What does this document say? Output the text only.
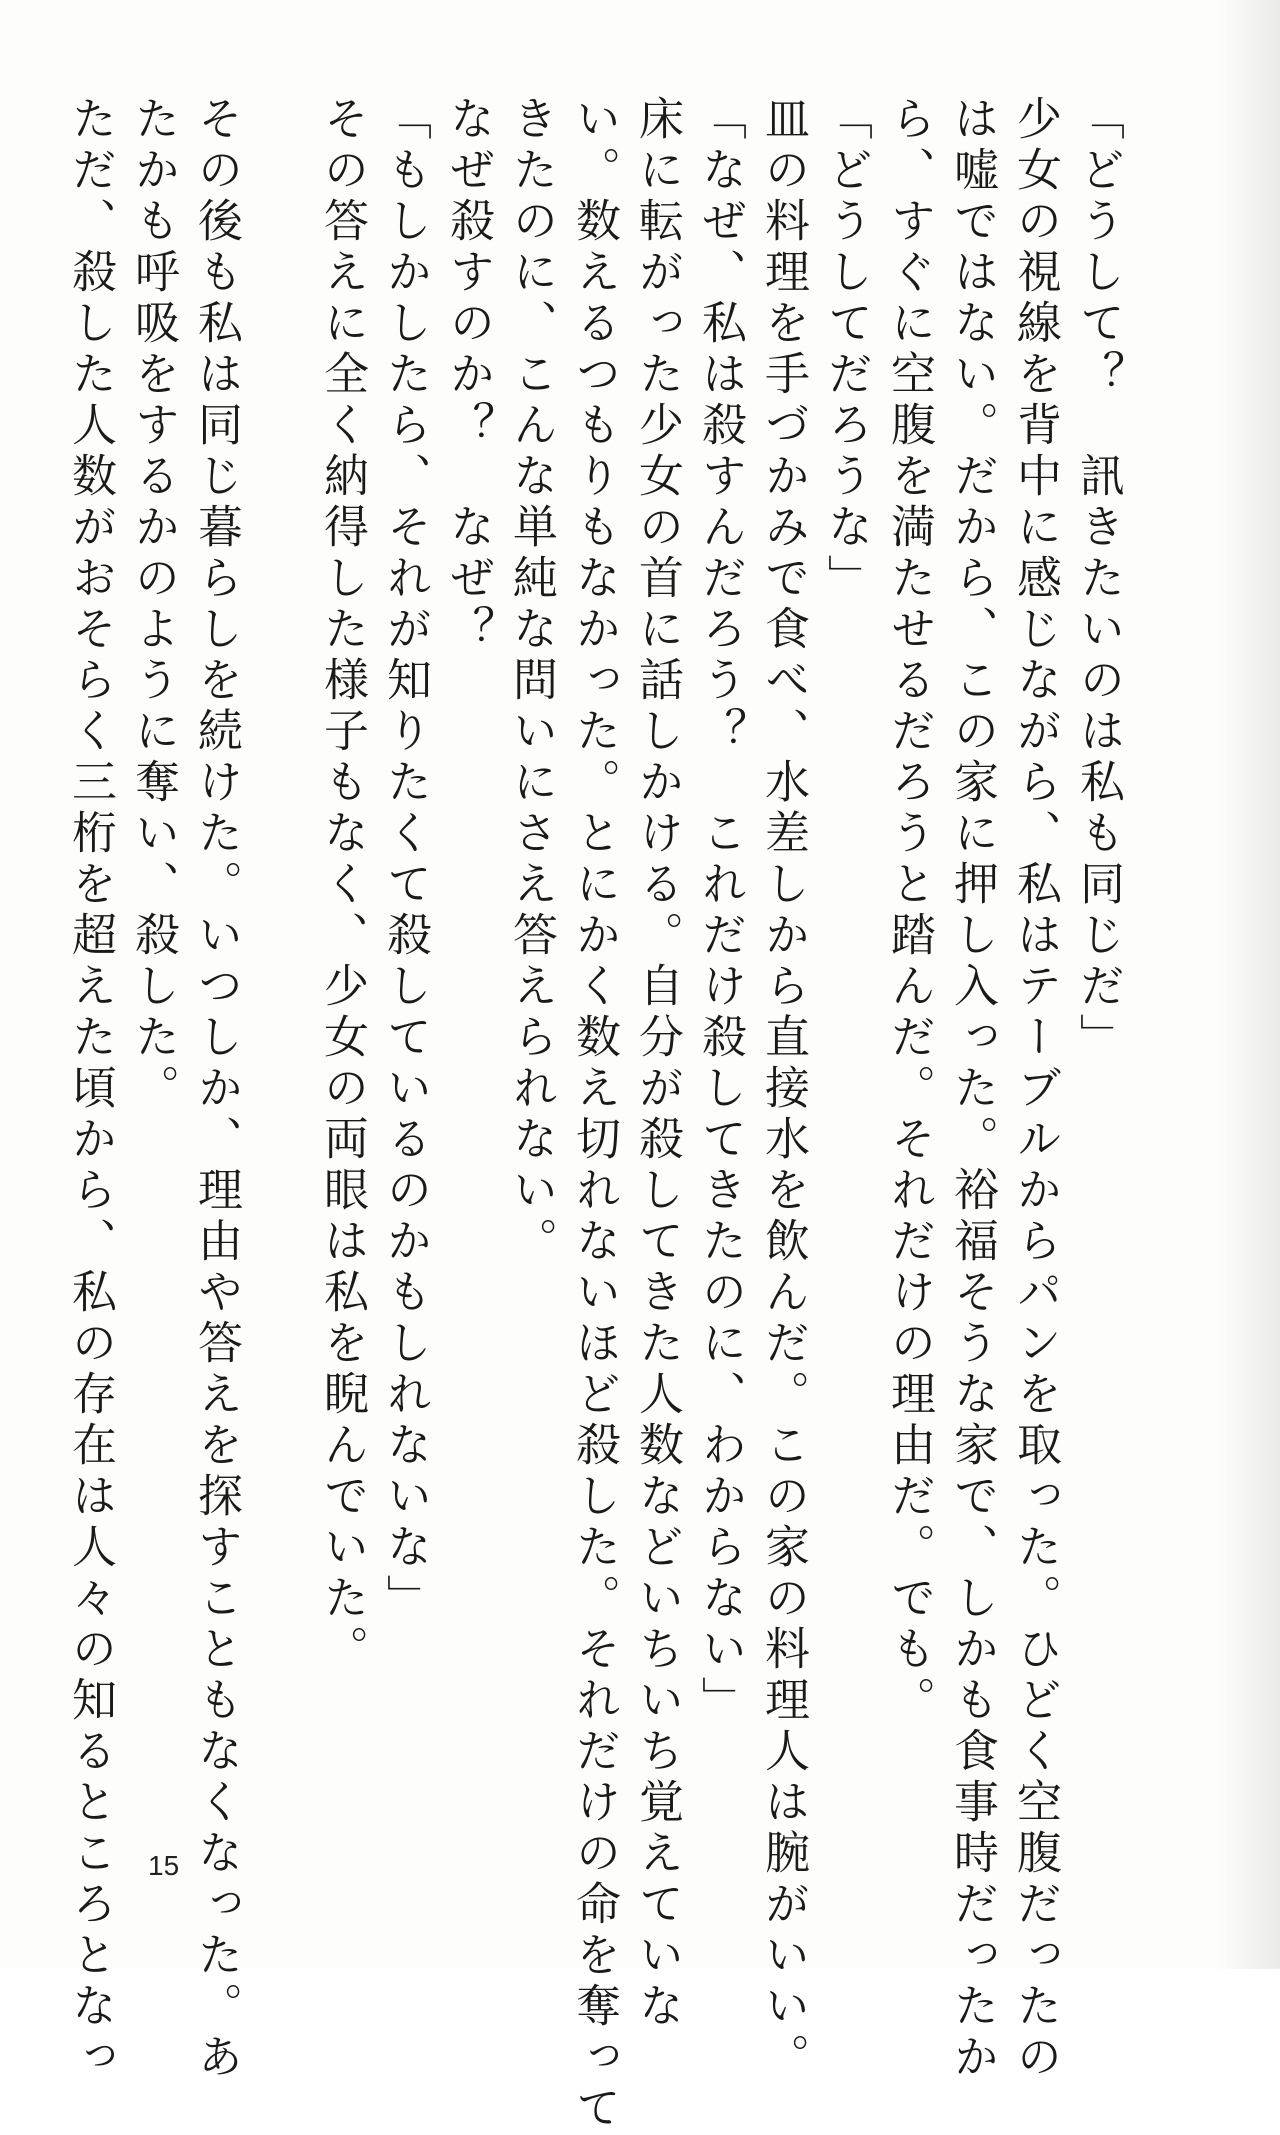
「どうして？　訊きたいのは私も同じだ」
少女の視線を背中に感じながら、私はテーブルからパンを取った。ひどく空腹だったの
は嘘ではない。だから、この家に押し入った。裕福そうな家で、しかも食事時だったか
ら、すぐに空腹を満たせるだろうと踏んだ。それだけの理由だ。でも。
「どうしてだろうな」
皿の料理を手づかみで食べ、水差しから直接水を飲んだ。この家の料理人は腕がいい。
「なぜ、私は殺すんだろう？　これだけ殺してきたのに、わからない」
床に転がった少女の首に話しかける。自分が殺してきた人数などいちいち覚えていな
い。数えるつもりもなかった。とにかく数え切れないほど殺した。それだけの命を奪って
きたのに、こんな単純な問いにさえ答えられない。
なぜ殺すのか？　なぜ？
「もしかしたら、それが知りたくて殺しているのかもしれないな」
その答えに全く納得した様子もなく、少女の両眼は私を睨んでいた。
その後も私は同じ暮らしを続けた。いつしか、理由や答えを探すこともなくなった。あ
たかも呼吸をするかのように奪い、殺した。
ただ、殺した人数がおそらく三桁を超えた頃から、私の存在は人々の知るところとなっ 15
